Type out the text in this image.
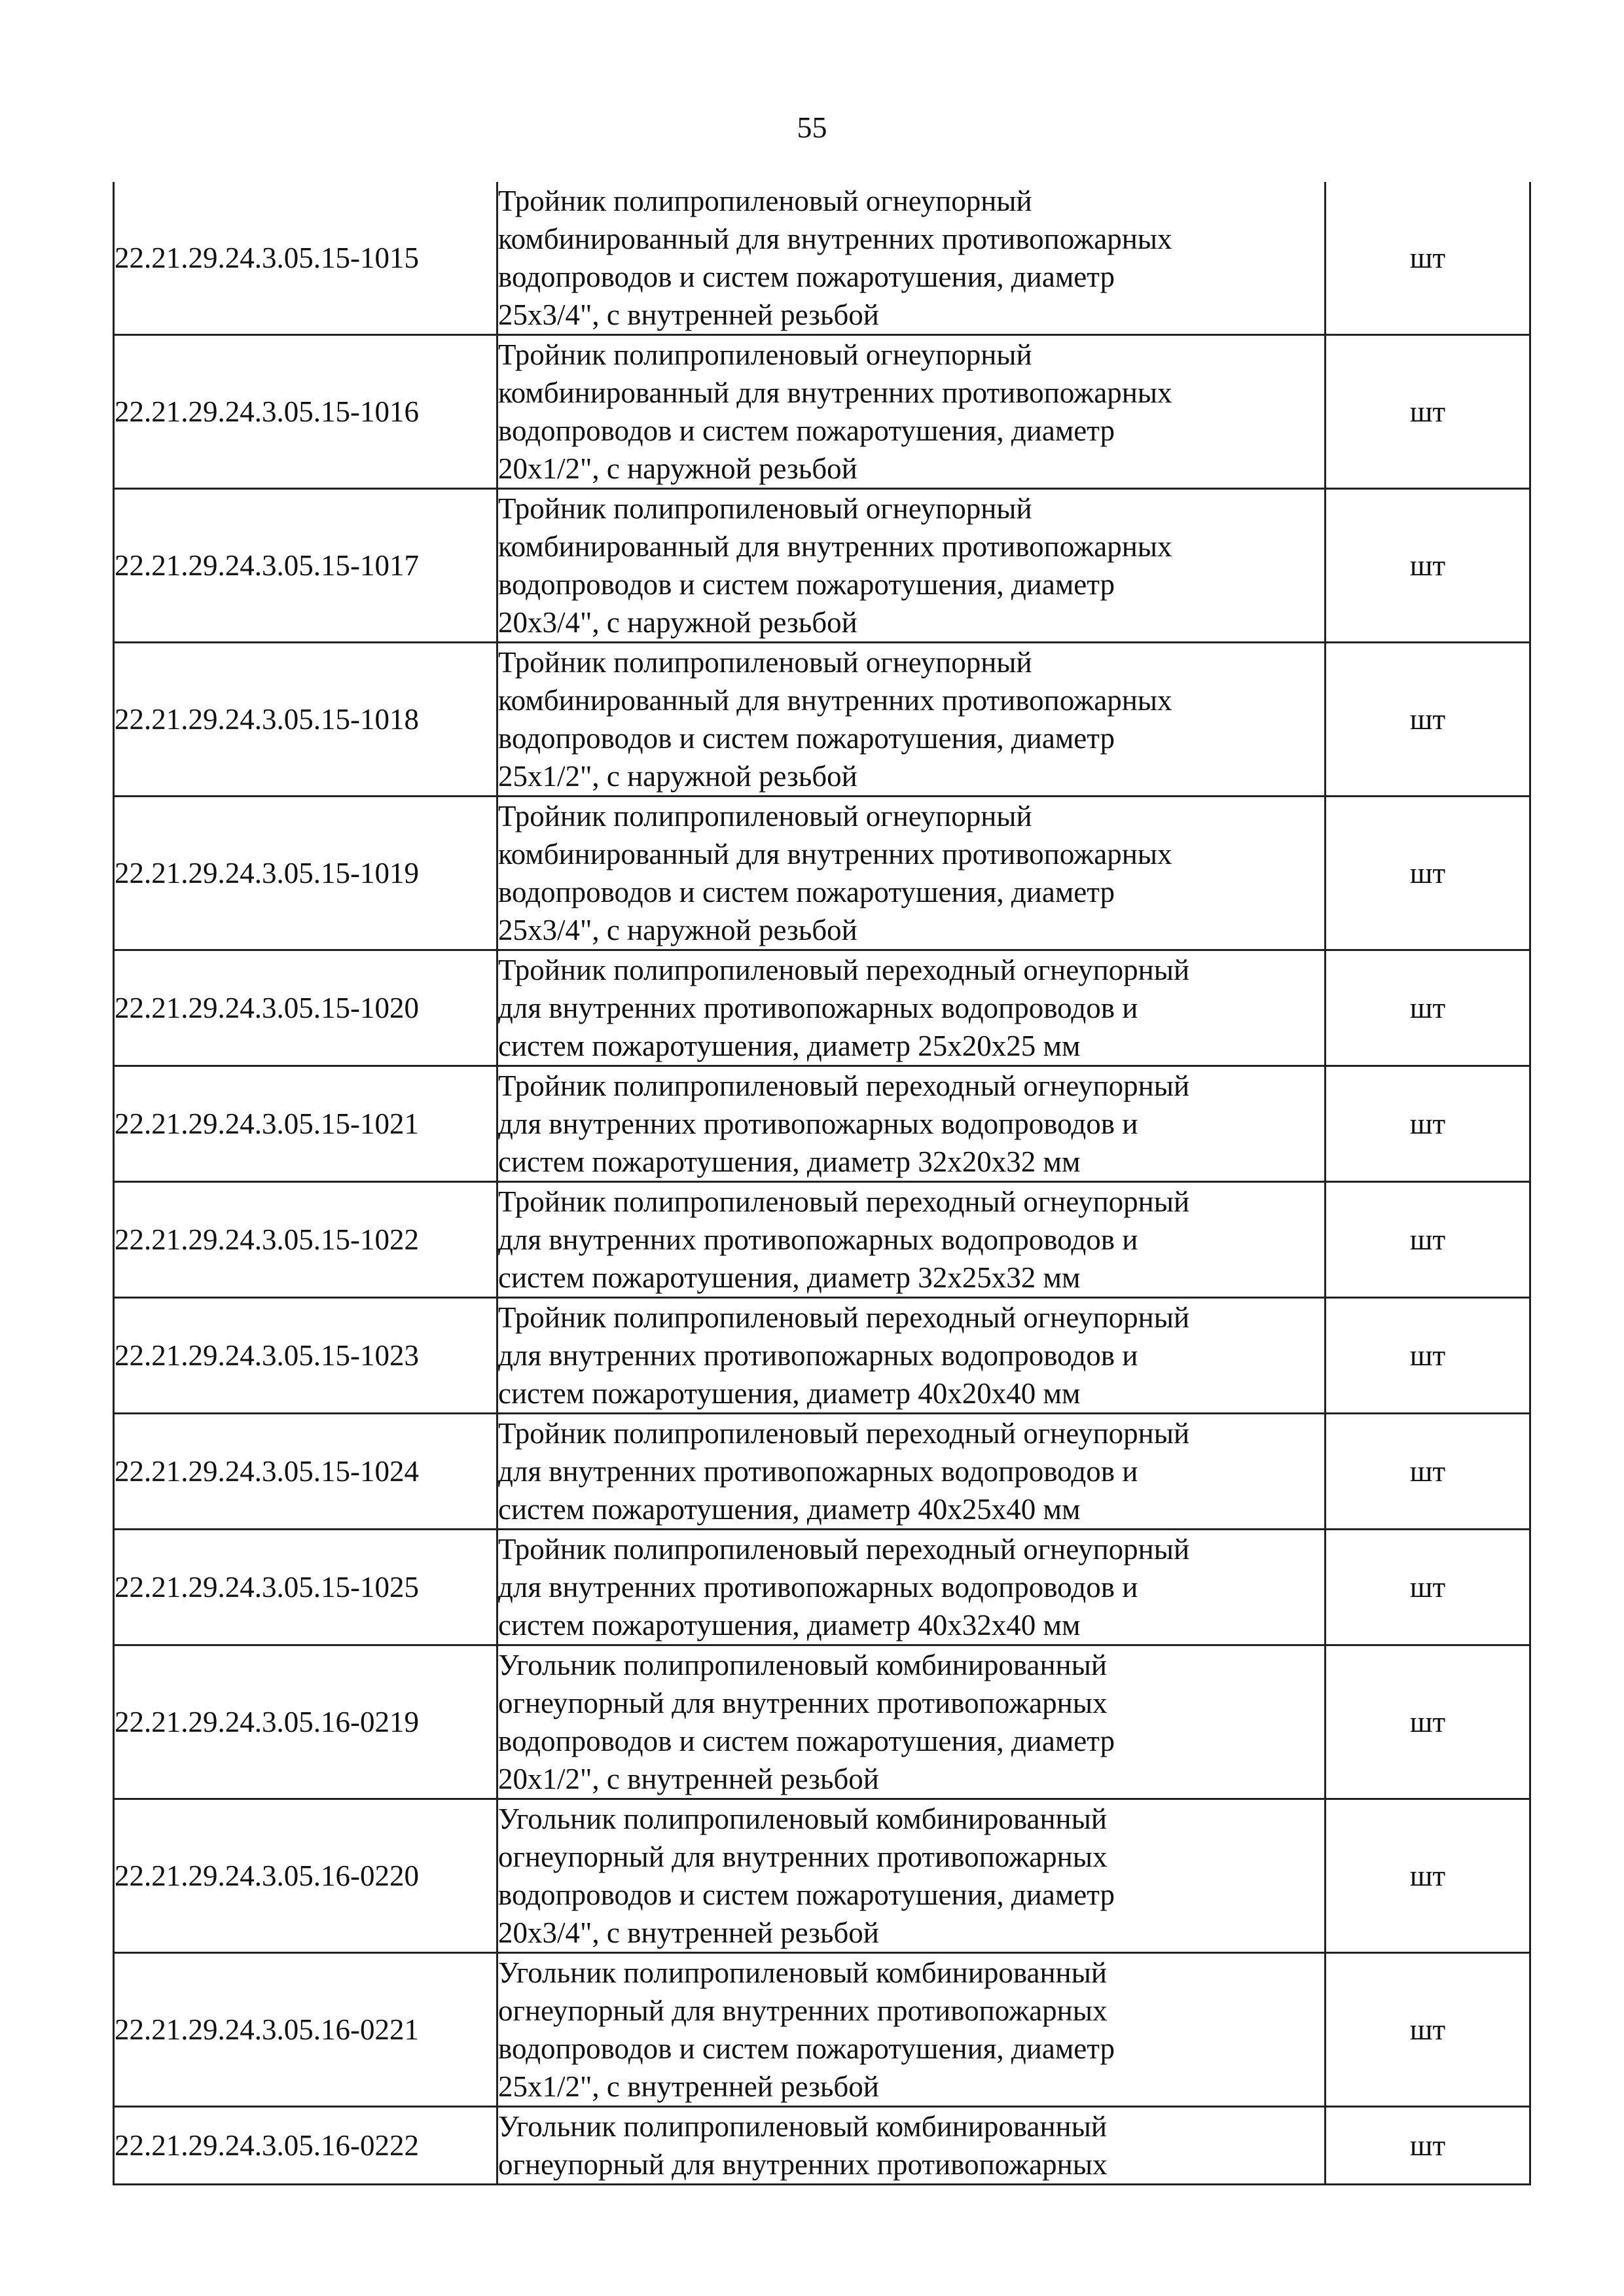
55
22.21.29.24.3.05.15-1015	Тройник полипропиленовый огнеупорный
комбинированный для внутренних противопожарных
водопроводов и систем пожаротушения, диаметр
25х3/4", с внутренней резьбой	шт
22.21.29.24.3.05.15-1016	Тройник полипропиленовый огнеупорный
комбинированный для внутренних противопожарных
водопроводов и систем пожаротушения, диаметр
20х1/2", с наружной резьбой	шт
22.21.29.24.3.05.15-1017	Тройник полипропиленовый огнеупорный
комбинированный для внутренних противопожарных
водопроводов и систем пожаротушения, диаметр
20х3/4", с наружной резьбой	шт
22.21.29.24.3.05.15-1018	Тройник полипропиленовый огнеупорный
комбинированный для внутренних противопожарных
водопроводов и систем пожаротушения, диаметр
25х1/2", с наружной резьбой	шт
22.21.29.24.3.05.15-1019	Тройник полипропиленовый огнеупорный
комбинированный для внутренних противопожарных
водопроводов и систем пожаротушения, диаметр
25х3/4", с наружной резьбой	шт
22.21.29.24.3.05.15-1020	Тройник полипропиленовый переходный огнеупорный
для внутренних противопожарных водопроводов и
систем пожаротушения, диаметр 25х20х25 мм	шт
22.21.29.24.3.05.15-1021	Тройник полипропиленовый переходный огнеупорный
для внутренних противопожарных водопроводов и
систем пожаротушения, диаметр 32х20х32 мм	шт
22.21.29.24.3.05.15-1022	Тройник полипропиленовый переходный огнеупорный
для внутренних противопожарных водопроводов и
систем пожаротушения, диаметр 32х25х32 мм	шт
22.21.29.24.3.05.15-1023	Тройник полипропиленовый переходный огнеупорный
для внутренних противопожарных водопроводов и
систем пожаротушения, диаметр 40х20х40 мм	шт
22.21.29.24.3.05.15-1024	Тройник полипропиленовый переходный огнеупорный
для внутренних противопожарных водопроводов и
систем пожаротушения, диаметр 40х25х40 мм	шт
22.21.29.24.3.05.15-1025	Тройник полипропиленовый переходный огнеупорный
для внутренних противопожарных водопроводов и
систем пожаротушения, диаметр 40х32х40 мм	шт
22.21.29.24.3.05.16-0219	Угольник полипропиленовый комбинированный
огнеупорный для внутренних противопожарных
водопроводов и систем пожаротушения, диаметр
20х1/2", с внутренней резьбой	шт
22.21.29.24.3.05.16-0220	Угольник полипропиленовый комбинированный
огнеупорный для внутренних противопожарных
водопроводов и систем пожаротушения, диаметр
20х3/4", с внутренней резьбой	шт
22.21.29.24.3.05.16-0221	Угольник полипропиленовый комбинированный
огнеупорный для внутренних противопожарных
водопроводов и систем пожаротушения, диаметр
25х1/2", с внутренней резьбой	шт
22.21.29.24.3.05.16-0222	Угольник полипропиленовый комбинированный
огнеупорный для внутренних противопожарных	шт
